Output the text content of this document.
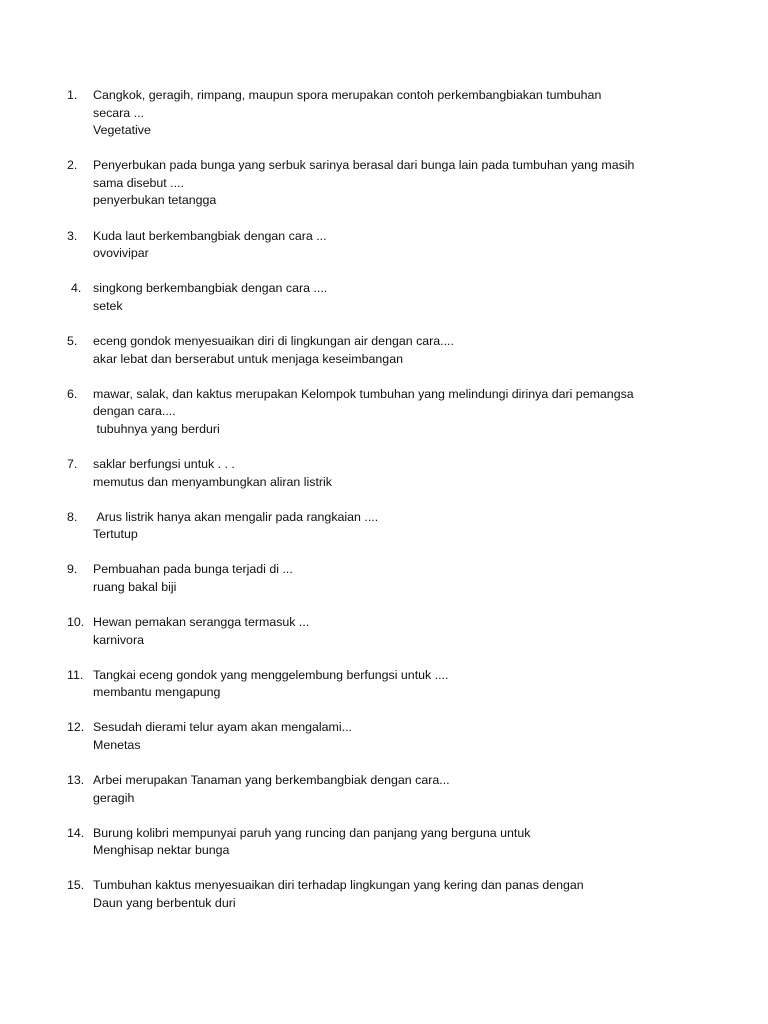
1.	Cangkok, geragih, rimpang, maupun spora merupakan contoh perkembangbiakan tumbuhan
secara ...
Vegetative
2.	Penyerbukan pada bunga yang serbuk sarinya berasal dari bunga lain pada tumbuhan yang masih
sama disebut ....
penyerbukan tetangga
3.	Kuda laut berkembangbiak dengan cara ...
ovovivipar
4. singkong berkembangbiak dengan cara ....
setek
5.	eceng gondok menyesuaikan diri di lingkungan air dengan cara....
akar lebat dan berserabut untuk menjaga keseimbangan
6.	mawar, salak, dan kaktus merupakan Kelompok tumbuhan yang melindungi dirinya dari pemangsa
dengan cara....
tubuhnya yang berduri
7.	saklar berfungsi untuk . . .
memutus dan menyambungkan aliran listrik
8.	Arus listrik hanya akan mengalir pada rangkaian ....
Tertutup
9.	Pembuahan pada bunga terjadi di ...
ruang bakal biji
10. Hewan pemakan serangga termasuk ...
karnivora
11. Tangkai eceng gondok yang menggelembung berfungsi untuk ....
membantu mengapung
12. Sesudah dierami telur ayam akan mengalami...
Menetas
13. Arbei merupakan Tanaman yang berkembangbiak dengan cara...
geragih
14. Burung kolibri mempunyai paruh yang runcing dan panjang yang berguna untuk
Menghisap nektar bunga
15. Tumbuhan kaktus menyesuaikan diri terhadap lingkungan yang kering dan panas dengan
Daun yang berbentuk duri
